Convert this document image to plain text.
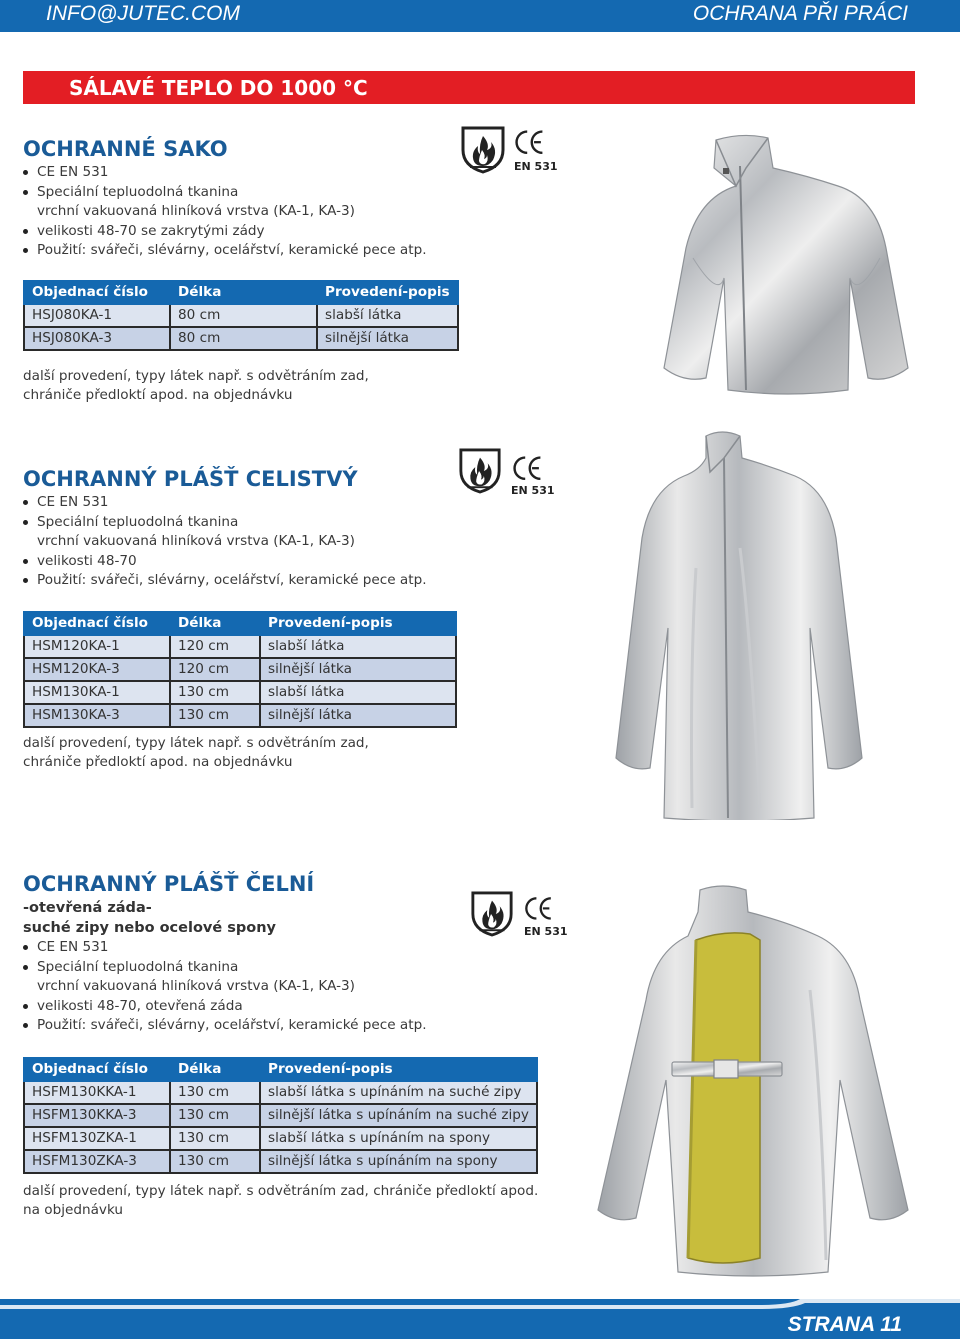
INFO@JUTEC.COM	OCHRANA PŘI PRÁCI
SÁLAVÉ TEPLO DO 1000 °C
OCHRANNÉ SAKO
CE EN 531
Speciální tepluodolná tkanina
vrchní vakuovaná hliníková vrstva (KA-1, KA-3)
velikosti 48-70 se zakrytými zády
Použití: svářeči, slévárny, ocelářství, keramické pece atp.
Objednací číslo	Délka	Provedení-popis
HSJ080KA-1	80 cm	slabší látka
HSJ080KA-3	80 cm	silnější látka
další provedení, typy látek např. s odvětráním zad, chrániče předloktí apod. na objednávku
EN 531
OCHRANNÝ PLÁŠŤ CELISTVÝ
CE EN 531
Speciální tepluodolná tkanina
vrchní vakuovaná hliníková vrstva (KA-1, KA-3)
velikosti 48-70
Použití: svářeči, slévárny, ocelářství, keramické pece atp.
Objednací číslo	Délka	Provedení-popis
HSM120KA-1	120 cm	slabší látka
HSM120KA-3	120 cm	silnější látka
HSM130KA-1	130 cm	slabší látka
HSM130KA-3	130 cm	silnější látka
další provedení, typy látek např. s odvětráním zad, chrániče předloktí apod. na objednávku
EN 531
OCHRANNÝ PLÁŠŤ ČELNÍ
-otevřená záda-
suché zipy nebo ocelové spony
CE EN 531
Speciální tepluodolná tkanina
vrchní vakuovaná hliníková vrstva (KA-1, KA-3)
velikosti 48-70, otevřená záda
Použití: svářeči, slévárny, ocelářství, keramické pece atp.
Objednací číslo	Délka	Provedení-popis
HSFM130KKA-1	130 cm	slabší látka s upínáním na suché zipy
HSFM130KKA-3	130 cm	silnější látka s upínáním na suché zipy
HSFM130ZKA-1	130 cm	slabší látka s upínáním na spony
HSFM130ZKA-3	130 cm	silnější látka s upínáním na spony
další provedení, typy látek např. s odvětráním zad, chrániče předloktí apod.
na objednávku
EN 531
STRANA 11
